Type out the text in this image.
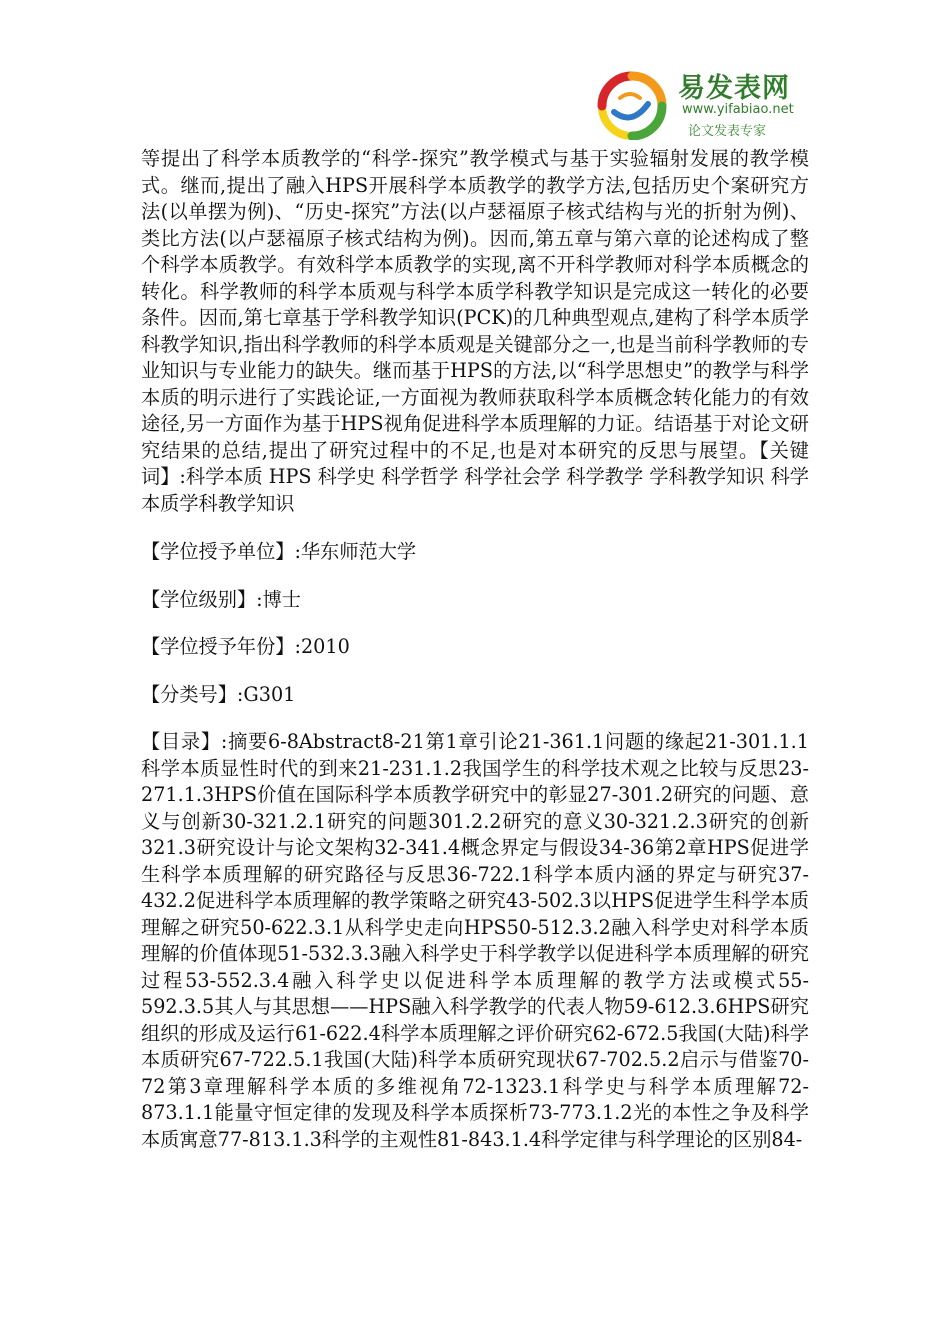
易发表网
www.yifabiao.net
论文发表专家

等提出了科学本质教学的“科学-探究”教学模式与基于实验辐射发展的教学模式。继而,提出了融入HPS开展科学本质教学的教学方法,包括历史个案研究方法(以单摆为例)、“历史-探究”方法(以卢瑟福原子核式结构与光的折射为例)、类比方法(以卢瑟福原子核式结构为例)。因而,第五章与第六章的论述构成了整个科学本质教学。有效科学本质教学的实现,离不开科学教师对科学本质概念的转化。科学教师的科学本质观与科学本质学科教学知识是完成这一转化的必要条件。因而,第七章基于学科教学知识(PCK)的几种典型观点,建构了科学本质学科教学知识,指出科学教师的科学本质观是关键部分之一,也是当前科学教师的专业知识与专业能力的缺失。继而基于HPS的方法,以“科学思想史”的教学与科学本质的明示进行了实践论证,一方面视为教师获取科学本质概念转化能力的有效途径,另一方面作为基于HPS视角促进科学本质理解的力证。结语基于对论文研究结果的总结,提出了研究过程中的不足,也是对本研究的反思与展望。【关键词】:科学本质 HPS 科学史 科学哲学 科学社会学 科学教学 学科教学知识 科学本质学科教学知识

【学位授予单位】:华东师范大学

【学位级别】:博士

【学位授予年份】:2010

【分类号】:G301

【目录】:摘要6-8Abstract8-21第1章引论21-361.1问题的缘起21-301.1.1科学本质显性时代的到来21-231.1.2我国学生的科学技术观之比较与反思23-271.1.3HPS价值在国际科学本质教学研究中的彰显27-301.2研究的问题、意义与创新30-321.2.1研究的问题301.2.2研究的意义30-321.2.3研究的创新321.3研究设计与论文架构32-341.4概念界定与假设34-36第2章HPS促进学生科学本质理解的研究路径与反思36-722.1科学本质内涵的界定与研究37-432.2促进科学本质理解的教学策略之研究43-502.3以HPS促进学生科学本质理解之研究50-622.3.1从科学史走向HPS50-512.3.2融入科学史对科学本质理解的价值体现51-532.3.3融入科学史于科学教学以促进科学本质理解的研究过程53-552.3.4融入科学史以促进科学本质理解的教学方法或模式55-592.3.5其人与其思想——HPS融入科学教学的代表人物59-612.3.6HPS研究组织的形成及运行61-622.4科学本质理解之评价研究62-672.5我国(大陆)科学本质研究67-722.5.1我国(大陆)科学本质研究现状67-702.5.2启示与借鉴70-72第3章理解科学本质的多维视角72-1323.1科学史与科学本质理解72-873.1.1能量守恒定律的发现及科学本质探析73-773.1.2光的本性之争及科学本质寓意77-813.1.3科学的主观性81-843.1.4科学定律与科学理论的区别84-
